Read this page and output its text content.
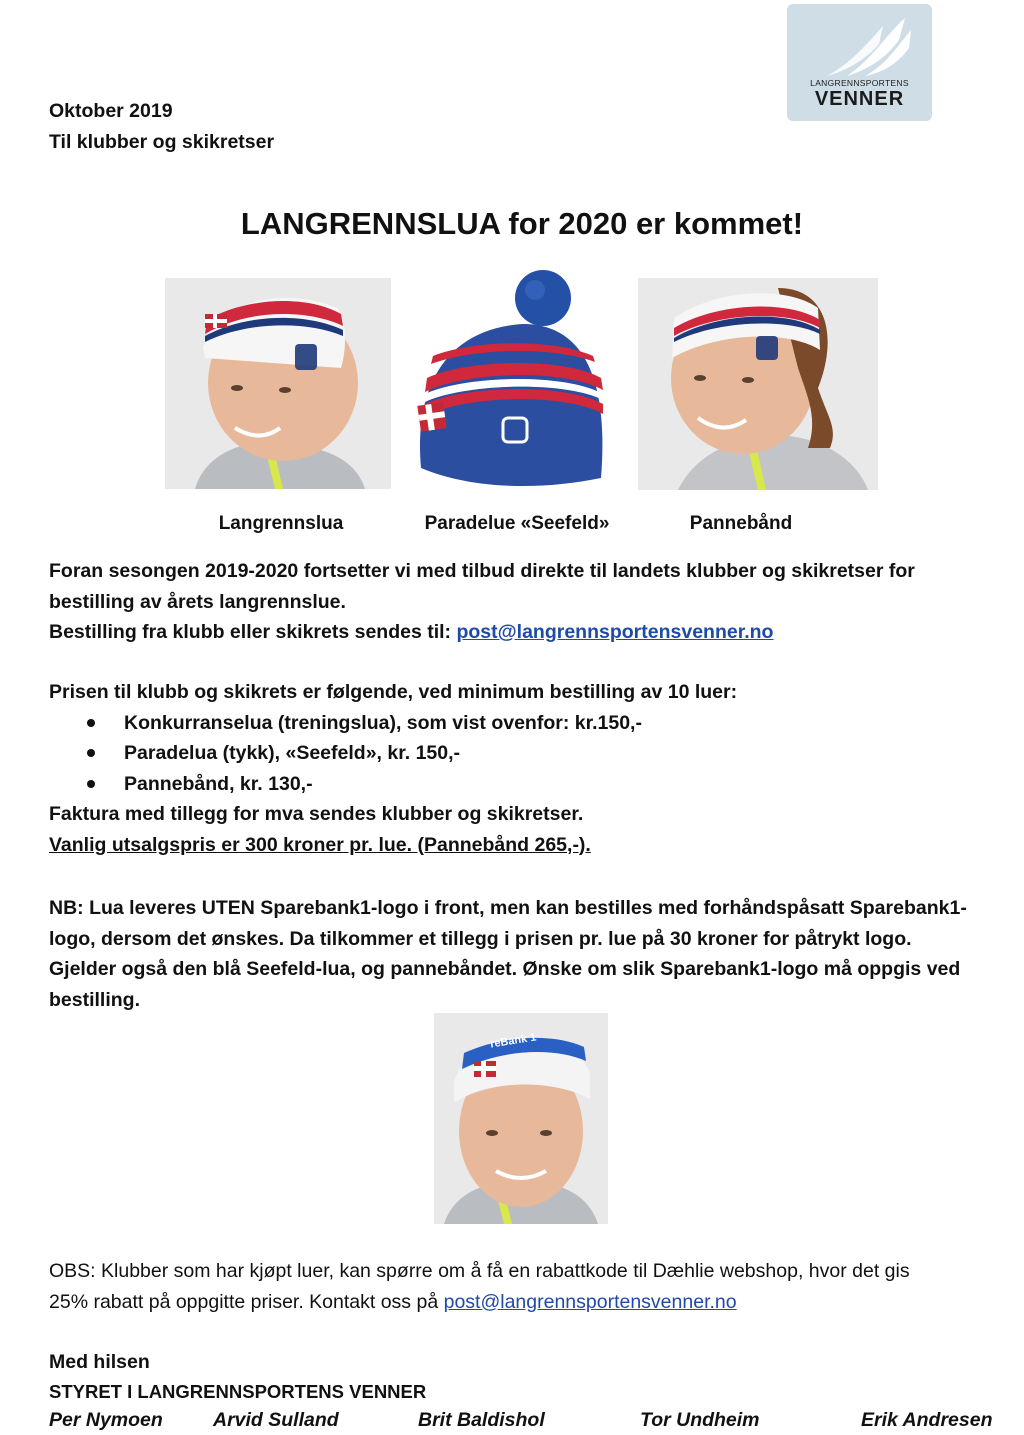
LANGRENNSPORTENS
VENNER
Oktober 2019
Til klubber og skikretser
LANGRENNSLUA for 2020 er kommet!
Langrennslua	Paradelue «Seefeld»	Pannebånd
Foran sesongen 2019-2020 fortsetter vi med tilbud direkte til landets klubber og skikretser for
bestilling av årets langrennslue.
Bestilling fra klubb eller skikrets sendes til: post@langrennsportensvenner.no
Prisen til klubb og skikrets er følgende, ved minimum bestilling av 10 luer:
Konkurranselua (treningslua), som vist ovenfor: kr.150,-
Paradelua (tykk), «Seefeld», kr. 150,-
Pannebånd, kr. 130,-
Faktura med tillegg for mva sendes klubber og skikretser.
Vanlig utsalgspris er 300 kroner pr. lue. (Pannebånd 265,-).
NB: Lua leveres UTEN Sparebank1-logo i front, men kan bestilles med forhåndspåsatt Sparebank1-
logo, dersom det ønskes. Da tilkommer et tillegg i prisen pr. lue på 30 kroner for påtrykt logo.
Gjelder også den blå Seefeld-lua, og pannebåndet. Ønske om slik Sparebank1-logo må oppgis ved
bestilling.
reBank 1
OBS: Klubber som har kjøpt luer, kan spørre om å få en rabattkode til Dæhlie webshop, hvor det gis
25% rabatt på oppgitte priser. Kontakt oss på post@langrennsportensvenner.no
Med hilsen
STYRET I LANGRENNSPORTENS VENNER
Per Nymoen	Arvid Sulland	Brit Baldishol	Tor Undheim	Erik Andresen
